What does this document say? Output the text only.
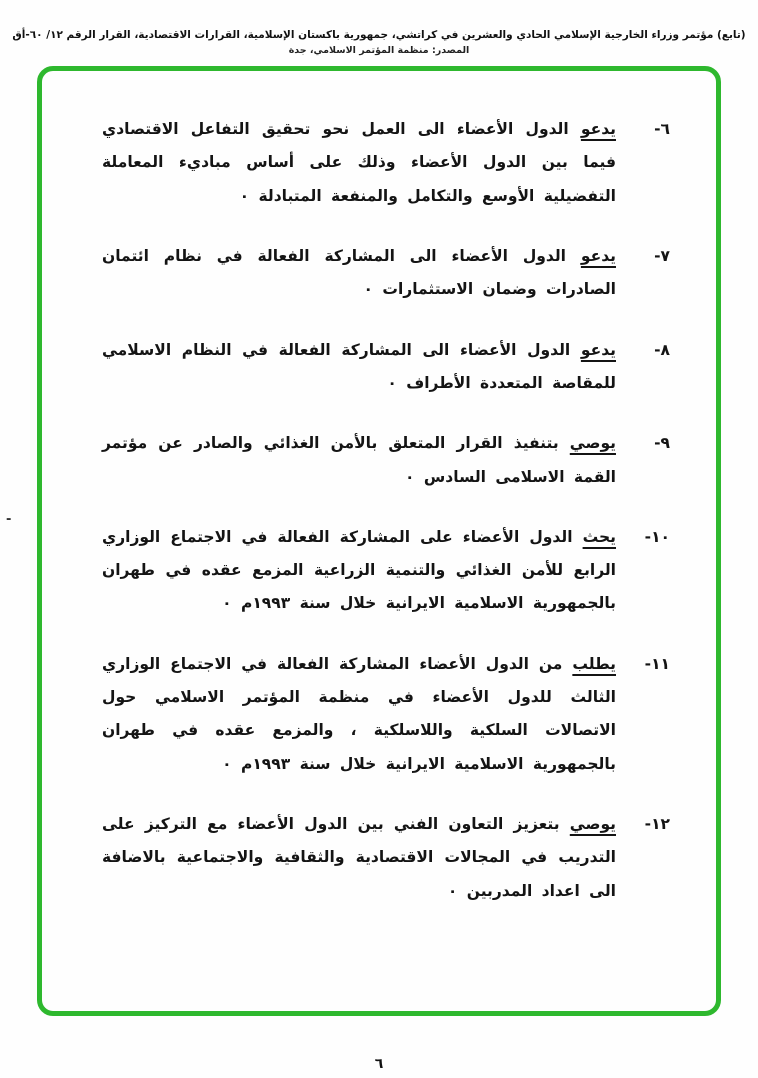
(تابع) مؤتمر وزراء الخارجية الإسلامي الحادي والعشرين في كراتشي، جمهورية باكستان الإسلامية، القرارات الاقتصادية، القرار الرقم ١٢/ ٦٠-أق
المصدر: منظمة المؤتمر الاسلامي، جدة
٦-
يدعو الدول الأعضاء الى العمل نحو تحقيق التفاعل الاقتصادي فيما بين الدول الأعضاء وذلك على أساس مباديء المعاملة التفضيلية الأوسع والتكامل والمنفعة المتبادلة ٠
٧-
يدعو الدول الأعضاء الى المشاركة الفعالة في نظام ائتمان الصادرات وضمان الاستثمارات ٠
٨-
يدعو الدول الأعضاء الى المشاركة الفعالة في النظام الاسلامي للمقاصة المتعددة الأطراف ٠
٩-
يوصي بتنفيذ القرار المتعلق بالأمن الغذائي والصادر عن مؤتمر القمة الاسلامى السادس ٠
١٠-
يحث الدول الأعضاء على المشاركة الفعالة في الاجتماع الوزاري الرابع للأمن الغذائي والتنمية الزراعية المزمع عقده في طهران بالجمهورية الاسلامية الايرانية خلال سنة ١٩٩٣م ٠
١١-
يطلب من الدول الأعضاء المشاركة الفعالة في الاجتماع الوزاري الثالث للدول الأعضاء في منظمة المؤتمر الاسلامي حول الاتصالات السلكية واللاسلكية ، والمزمع عقده في طهران بالجمهورية الاسلامية الايرانية خلال سنة ١٩٩٣م ٠
١٢-
يوصي بتعزيز التعاون الفني بين الدول الأعضاء مع التركيز على التدريب في المجالات الاقتصادية والثقافية والاجتماعية بالاضافة الى اعداد المدربين ٠
-
٦
